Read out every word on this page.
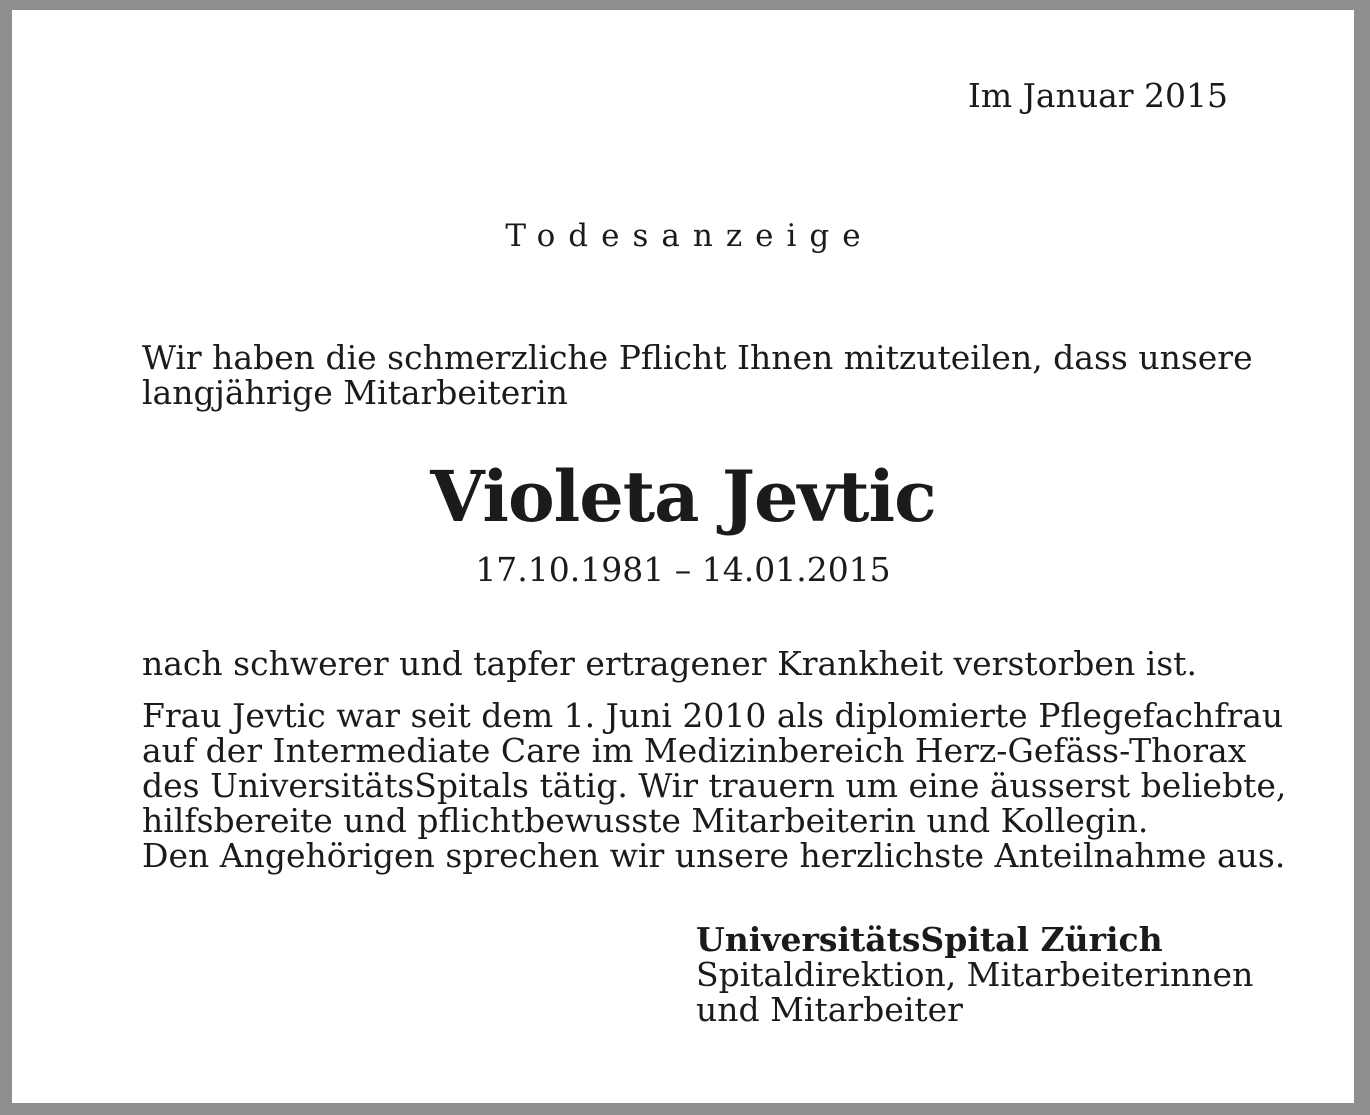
Im Januar 2015
Todesanzeige
Wir haben die schmerzliche Pflicht Ihnen mitzuteilen, dass unsere
langjährige Mitarbeiterin
Violeta Jevtic
17.10.1981 – 14.01.2015
nach schwerer und tapfer ertragener Krankheit verstorben ist.
Frau Jevtic war seit dem 1. Juni 2010 als diplomierte Pflegefachfrau
auf der Intermediate Care im Medizinbereich Herz-Gefäss-Thorax
des UniversitätsSpitals tätig. Wir trauern um eine äusserst beliebte,
hilfsbereite und pflichtbewusste Mitarbeiterin und Kollegin.
Den Angehörigen sprechen wir unsere herzlichste Anteilnahme aus.
UniversitätsSpital Zürich
Spitaldirektion, Mitarbeiterinnen
und Mitarbeiter
